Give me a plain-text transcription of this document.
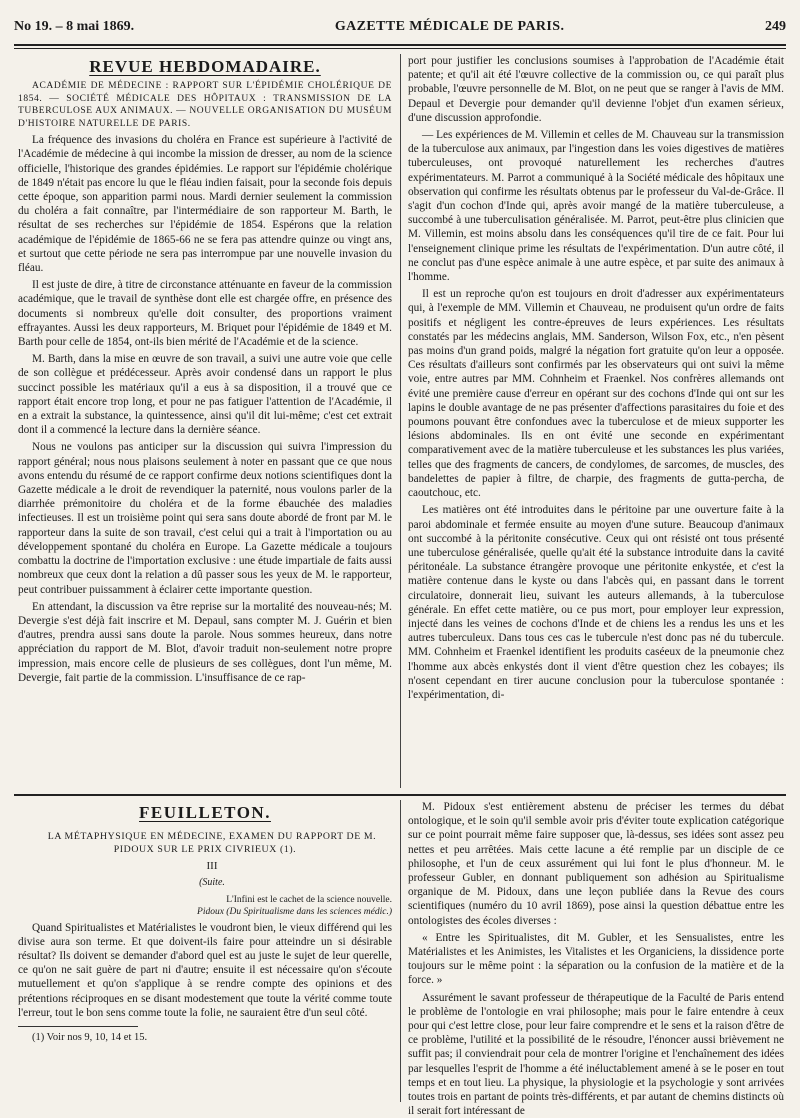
No 19. – 8 mai 1869.	GAZETTE MÉDICALE DE PARIS.	249
REVUE HEBDOMADAIRE.

ACADÉMIE DE MÉDECINE : RAPPORT SUR L'ÉPIDÉMIE CHOLÉRIQUE DE 1854. — SOCIÉTÉ MÉDICALE DES HÔPITAUX : TRANSMISSION DE LA TUBERCULOSE AUX ANIMAUX. — NOUVELLE ORGANISATION DU MUSÉUM D'HISTOIRE NATURELLE DE PARIS.

La fréquence des invasions du choléra en France est supérieure à l'activité de l'Académie de médecine à qui incombe la mission de dresser, au nom de la science officielle, l'historique des grandes épidémies. Le rapport sur l'épidémie cholérique de 1849 n'était pas encore lu que le fléau indien faisait, pour la seconde fois depuis cette époque, son apparition parmi nous. Mardi dernier seulement la commission du choléra a fait connaître, par l'intermédiaire de son rapporteur M. Barth, le résultat de ses recherches sur l'épidémie de 1854. Espérons que la relation académique de l'épidémie de 1865-66 ne se fera pas attendre quinze ou vingt ans, et surtout que cette période ne sera pas interrompue par une nouvelle invasion du fléau.

Il est juste de dire, à titre de circonstance atténuante en faveur de la commission académique, que le travail de synthèse dont elle est chargée offre, en présence des documents si nombreux qu'elle doit consulter, des proportions vraiment effrayantes. Aussi les deux rapporteurs, M. Briquet pour l'épidémie de 1849 et M. Barth pour celle de 1854, ont-ils bien mérité de l'Académie et de la science.

M. Barth, dans la mise en œuvre de son travail, a suivi une autre voie que celle de son collègue et prédécesseur. Après avoir condensé dans un rapport le plus succinct possible les matériaux qu'il a eus à sa disposition, il a trouvé que ce rapport était encore trop long, et pour ne pas fatiguer l'attention de l'Académie, il en a extrait la substance, la quintessence, ainsi qu'il dit lui-même; c'est cet extrait dont il a commencé la lecture dans la dernière séance.

Nous ne voulons pas anticiper sur la discussion qui suivra l'impression du rapport général; nous nous plaisons seulement à noter en passant que ce que nous avons entendu du résumé de ce rapport confirme deux notions scientifiques dont la Gazette médicale a le droit de revendiquer la paternité, nous voulons parler de la diarrhée prémonitoire du choléra et de la forme ébauchée des maladies infectieuses. Il est un troisième point qui sera sans doute abordé de front par M. le rapporteur dans la suite de son travail, c'est celui qui a trait à l'importation ou au développement spontané du choléra en Europe. La Gazette médicale a toujours combattu la doctrine de l'importation exclusive : une étude impartiale de faits aussi nombreux que ceux dont la relation a dû passer sous les yeux de M. le rapporteur, peut contribuer puissamment à éclairer cette importante question.

En attendant, la discussion va être reprise sur la mortalité des nouveau-nés; M. Devergie s'est déjà fait inscrire et M. Depaul, sans compter M. J. Guérin et bien d'autres, prendra aussi sans doute la parole. Nous sommes heureux, dans notre appréciation du rapport de M. Blot, d'avoir traduit non-seulement notre propre impression, mais encore celle de plusieurs de ses collègues, dont l'un même, M. Devergie, fait partie de la commission. L'insuffisance de ce rap-

port pour justifier les conclusions soumises à l'approbation de l'Académie était patente; et qu'il ait été l'œuvre collective de la commission ou, ce qui paraît plus probable, l'œuvre personnelle de M. Blot, on ne peut que se ranger à l'avis de MM. Depaul et Devergie pour demander qu'il devienne l'objet d'un examen sérieux, d'une discussion approfondie.

— Les expériences de M. Villemin et celles de M. Chauveau sur la transmission de la tuberculose aux animaux, par l'ingestion dans les voies digestives de matières tuberculeuses, ont provoqué naturellement les recherches d'autres expérimentateurs. M. Parrot a communiqué à la Société médicale des hôpitaux une observation qui confirme les résultats obtenus par le professeur du Val-de-Grâce. Il s'agit d'un cochon d'Inde qui, après avoir mangé de la matière tuberculeuse, a succombé à une tuberculisation généralisée. M. Parrot, peut-être plus clinicien que M. Villemin, est moins absolu dans les conséquences qu'il tire de ce fait. Pour lui l'enseignement clinique prime les résultats de l'expérimentation. D'un autre côté, il ne conclut pas d'une espèce animale à une autre espèce, et par suite des animaux à l'homme.

Il est un reproche qu'on est toujours en droit d'adresser aux expérimentateurs qui, à l'exemple de MM. Villemin et Chauveau, ne produisent qu'un ordre de faits positifs et négligent les contre-épreuves de leurs expériences. Les résultats constatés par les médecins anglais, MM. Sanderson, Wilson Fox, etc., n'en pèsent pas moins d'un grand poids, malgré la négation fort gratuite qu'on leur a opposée. Ces résultats d'ailleurs sont confirmés par les observateurs qui ont suivi la même voie, entre autres par MM. Cohnheim et Fraenkel. Nos confrères allemands ont évité une première cause d'erreur en opérant sur des cochons d'Inde qui ont sur les lapins le double avantage de ne pas présenter d'affections parasitaires du foie et des poumons pouvant être confondues avec la tuberculose et de mieux supporter les lésions abdominales. Ils en ont évité une seconde en expérimentant comparativement avec de la matière tuberculeuse et les substances les plus variées, telles que des fragments de cancers, de condylomes, de sarcomes, de muscles, des bandelettes de papier à filtre, de charpie, des fragments de gutta-percha, de caoutchouc, etc.

Les matières ont été introduites dans le péritoine par une ouverture faite à la paroi abdominale et fermée ensuite au moyen d'une suture. Beaucoup d'animaux ont succombé à la péritonite consécutive. Ceux qui ont résisté ont tous présenté une tuberculose généralisée, quelle qu'ait été la substance introduite dans la cavité péritonéale. La substance étrangère provoque une péritonite enkystée, et c'est la matière contenue dans le kyste ou dans l'abcès qui, en passant dans le torrent circulatoire, donnerait lieu, suivant les auteurs allemands, à la tuberculose générale. En effet cette matière, ou ce pus mort, pour employer leur expression, injecté dans les veines de cochons d'Inde et de chiens les a rendus les uns et les autres tuberculeux. Dans tous ces cas le tubercule n'est donc pas né du tubercule. MM. Cohnheim et Fraenkel identifient les produits caséeux de la pneumonie chez l'homme aux abcès enkystés dont il vient d'être question chez les cobayes; ils n'osent cependant en tirer aucune conclusion pour la tuberculose spontanée : l'expérimentation, di-

FEUILLETON.

LA MÉTAPHYSIQUE EN MÉDECINE, EXAMEN DU RAPPORT DE M. PIDOUX SUR LE PRIX CIVRIEUX (1).

III

(Suite.

L'Infini est le cachet de la science nouvelle.
Pidoux (Du Spiritualisme dans les sciences médic.)

Quand Spiritualistes et Matérialistes le voudront bien, le vieux différend qui les divise aura son terme. Et que doivent-ils faire pour atteindre un si désirable résultat? Ils doivent se demander d'abord quel est au juste le sujet de leur querelle, ce qu'on ne sait guère de part ni d'autre; ensuite il est nécessaire qu'on s'écoute mutuellement et qu'on s'applique à se rendre compte des opinions et des prétentions réciproques en se disant modestement que toute la vérité comme toute l'erreur, tout le bon sens comme toute la folie, ne sauraient être d'un seul côté.

(1) Voir nos 9, 10, 14 et 15.

M. Pidoux s'est entièrement abstenu de préciser les termes du débat ontologique, et le soin qu'il semble avoir pris d'éviter toute explication catégorique sur ce point pourrait même faire supposer que, là-dessus, ses idées sont assez peu nettes et peu arrêtées. Mais cette lacune a été remplie par un disciple de ce philosophe, et l'un de ceux assurément qui lui font le plus d'honneur. M. le professeur Gubler, en donnant publiquement son adhésion au Spiritualisme organique de M. Pidoux, dans une leçon publiée dans la Revue des cours scientifiques (numéro du 10 avril 1869), pose ainsi la question débattue entre les ontologistes des écoles diverses :

« Entre les Spiritualistes, dit M. Gubler, et les Sensualistes, entre les Matérialistes et les Animistes, les Vitalistes et les Organiciens, la dissidence porte toujours sur le même point : la séparation ou la confusion de la matière et de la force. »

Assurément le savant professeur de thérapeutique de la Faculté de Paris entend le problème de l'ontologie en vrai philosophe; mais pour le faire entendre à ceux pour qui c'est lettre close, pour leur faire comprendre et le sens et la raison d'être de ce problème, l'utilité et la possibilité de le résoudre, l'énoncer aussi brièvement ne suffit pas; il conviendrait pour cela de montrer l'origine et l'enchaînement des idées par lesquelles l'esprit de l'homme a été inéluctablement amené à se le poser en tout temps et en tout lieu. La physique, la physiologie et la psychologie y sont arrivées toutes trois en partant de points très-différents, et par autant de chemins distincts où il serait fort intéressant de
